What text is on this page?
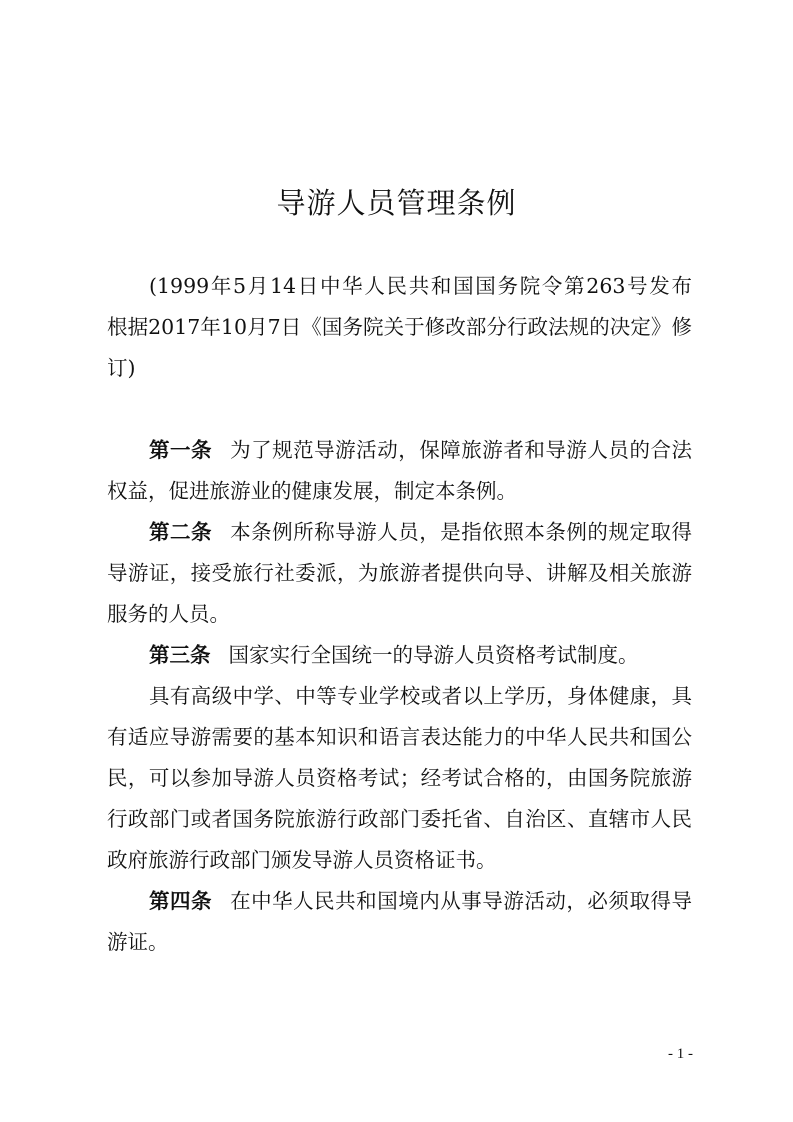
导游人员管理条例

(1999年5月14日中华人民共和国国务院令第263号发布　根据2017年10月7日《国务院关于修改部分行政法规的决定》修订)

第一条 为了规范导游活动，保障旅游者和导游人员的合法权益，促进旅游业的健康发展，制定本条例。

第二条 本条例所称导游人员，是指依照本条例的规定取得导游证，接受旅行社委派，为旅游者提供向导、讲解及相关旅游服务的人员。

第三条 国家实行全国统一的导游人员资格考试制度。

具有高级中学、中等专业学校或者以上学历，身体健康，具有适应导游需要的基本知识和语言表达能力的中华人民共和国公民，可以参加导游人员资格考试；经考试合格的，由国务院旅游行政部门或者国务院旅游行政部门委托省、自治区、直辖市人民政府旅游行政部门颁发导游人员资格证书。

第四条 在中华人民共和国境内从事导游活动，必须取得导游证。

- 1 -
